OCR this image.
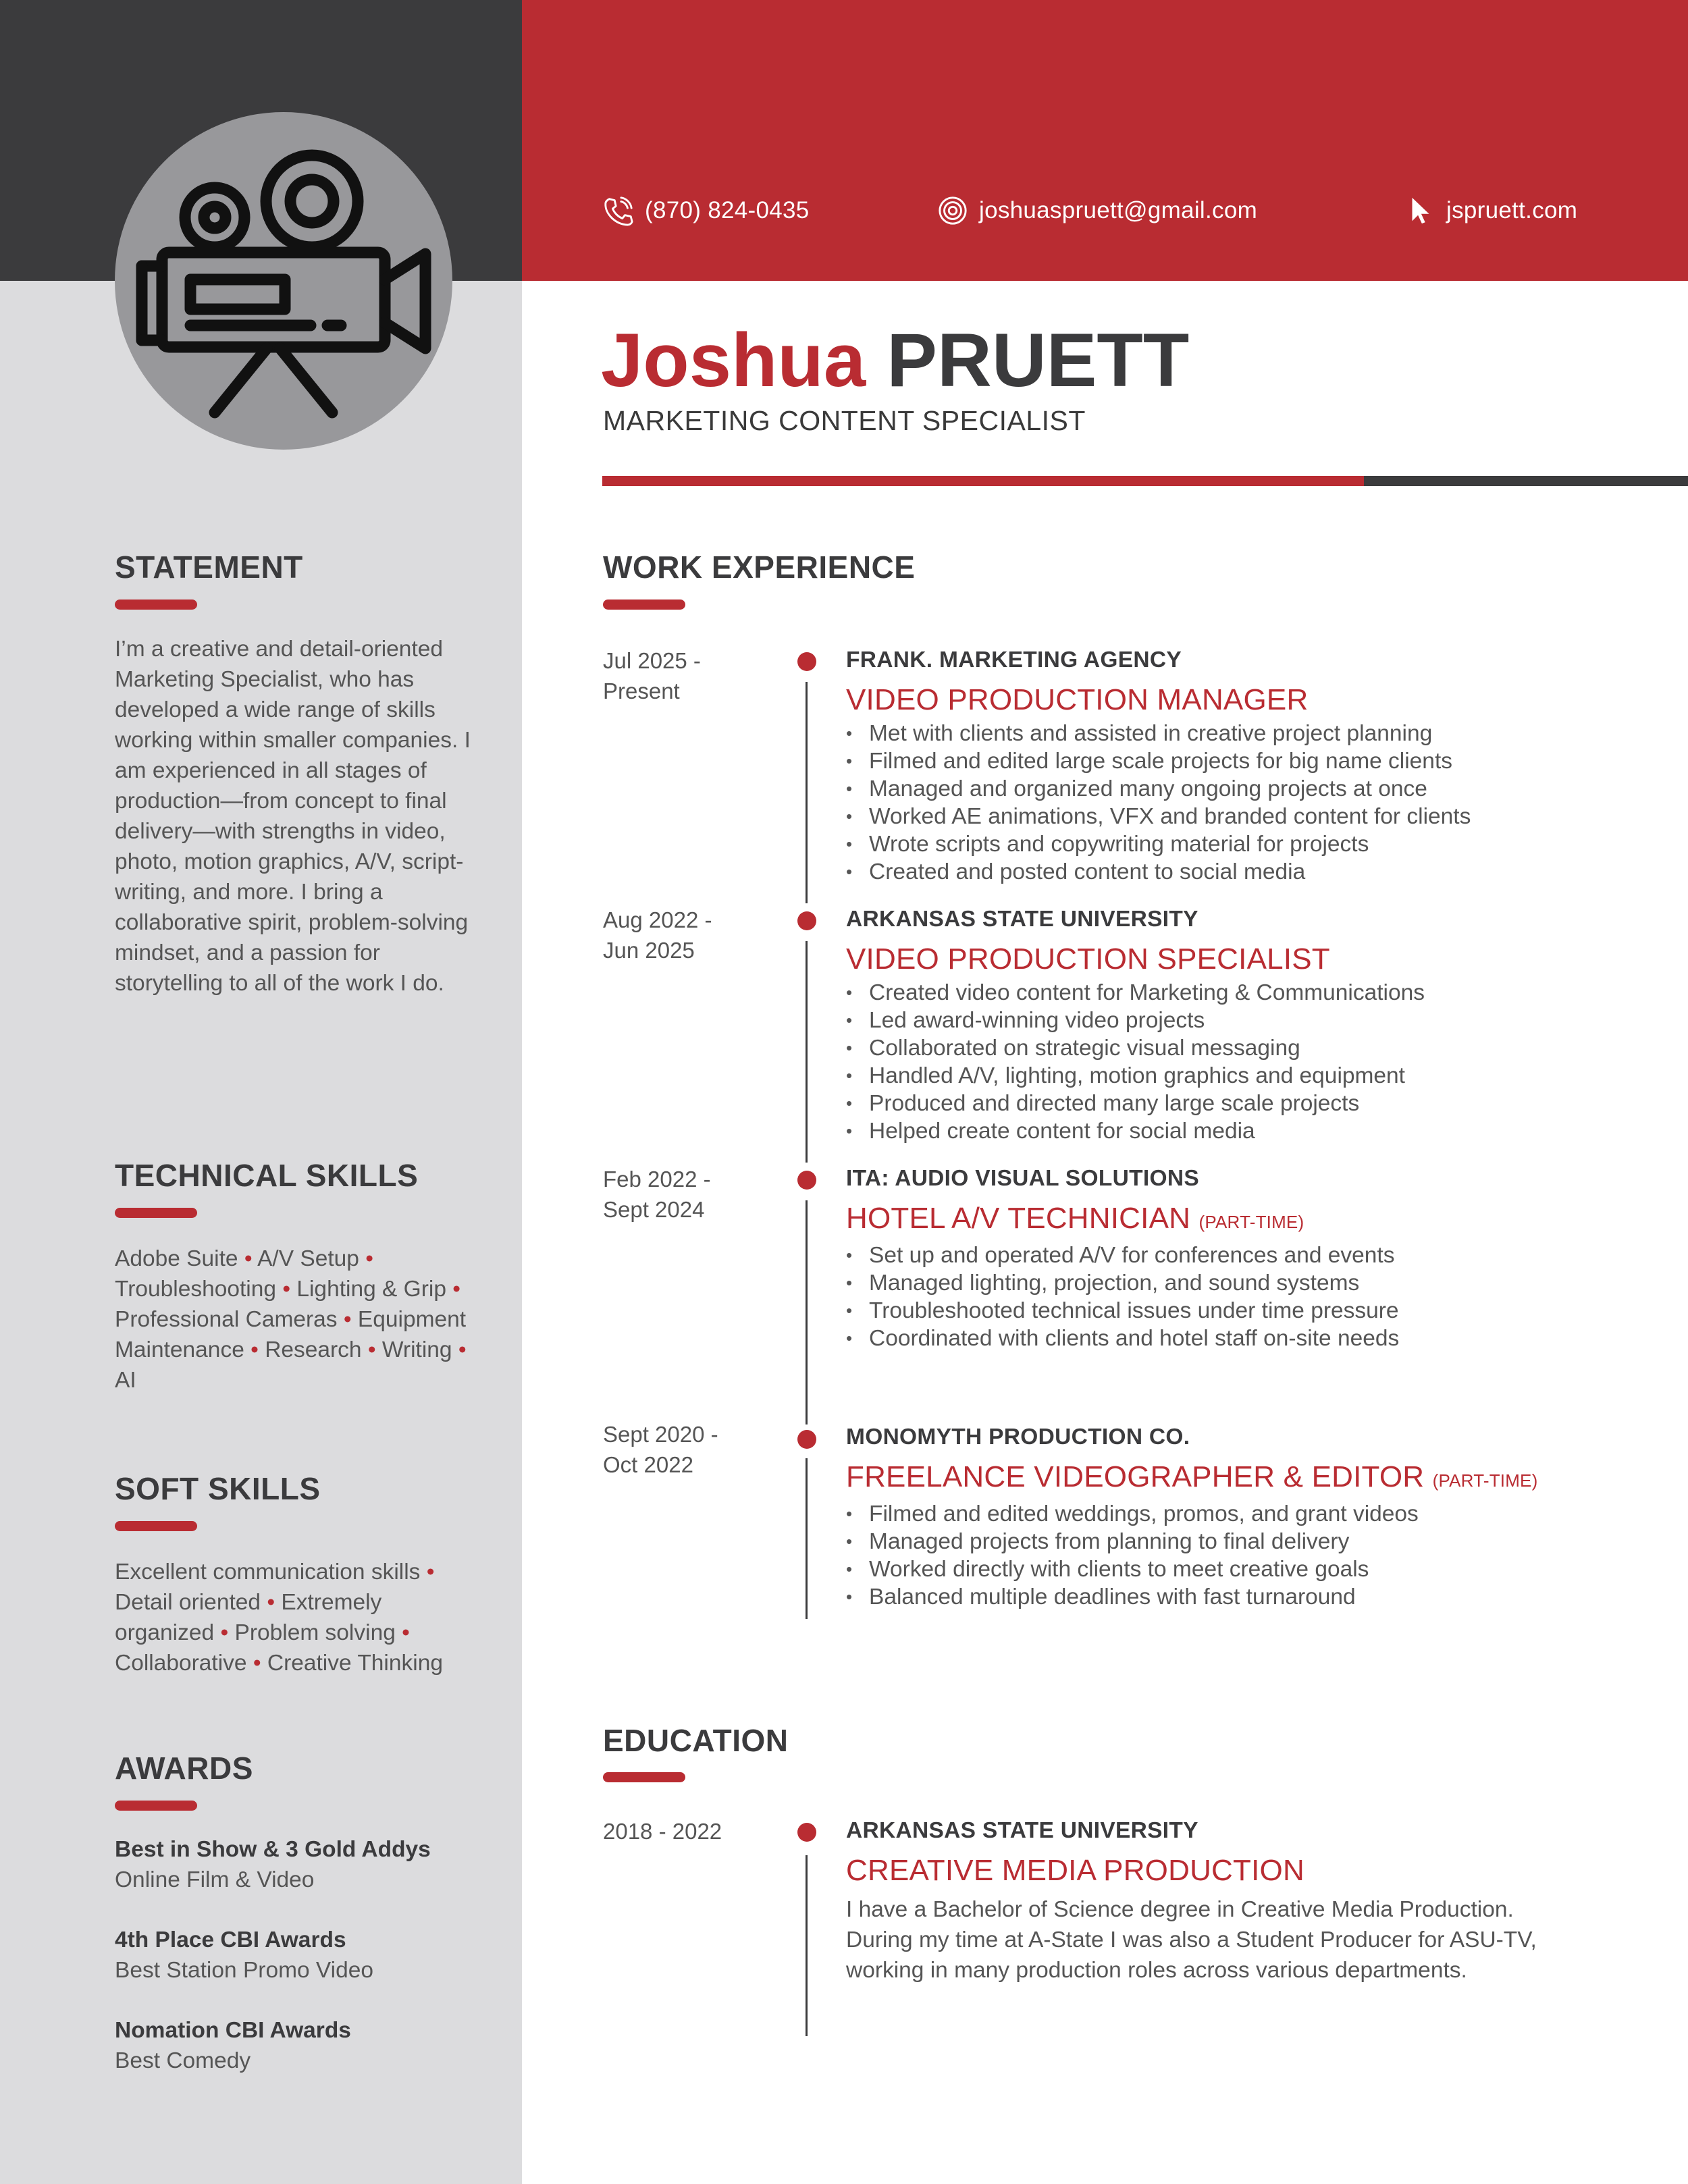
(870) 824-0435	joshuaspruett@gmail.com	jspruett.com
Joshua PRUETT
MARKETING CONTENT SPECIALIST
STATEMENT
I’m a creative and detail-oriented Marketing Specialist, who has developed a wide range of skills working within smaller companies. I am experienced in all stages of production—from concept to final delivery—with strengths in video, photo, motion graphics, A/V, script-writing, and more. I bring a collaborative spirit, problem-solving mindset, and a passion for storytelling to all of the work I do.
TECHNICAL SKILLS
Adobe Suite • A/V Setup • Troubleshooting • Lighting & Grip • Professional Cameras • Equipment Maintenance • Research • Writing • AI
SOFT SKILLS
Excellent communication skills • Detail oriented • Extremely organized • Problem solving • Collaborative • Creative Thinking
AWARDS
Best in Show & 3 Gold Addys
Online Film & Video
4th Place CBI Awards
Best Station Promo Video
Nomation CBI Awards
Best Comedy
WORK EXPERIENCE
Jul 2025 -
Present
FRANK. MARKETING AGENCY
VIDEO PRODUCTION MANAGER
• Met with clients and assisted in creative project planning
• Filmed and edited large scale projects for big name clients
• Managed and organized many ongoing projects at once
• Worked AE animations, VFX and branded content for clients
• Wrote scripts and copywriting material for projects
• Created and posted content to social media
Aug 2022 -
Jun 2025
ARKANSAS STATE UNIVERSITY
VIDEO PRODUCTION SPECIALIST
• Created video content for Marketing & Communications
• Led award-winning video projects
• Collaborated on strategic visual messaging
• Handled A/V, lighting, motion graphics and equipment
• Produced and directed many large scale projects
• Helped create content for social media
Feb 2022 -
Sept 2024
ITA: AUDIO VISUAL SOLUTIONS
HOTEL A/V TECHNICIAN (PART-TIME)
• Set up and operated A/V for conferences and events
• Managed lighting, projection, and sound systems
• Troubleshooted technical issues under time pressure
• Coordinated with clients and hotel staff on-site needs
Sept 2020 -
Oct 2022
MONOMYTH PRODUCTION CO.
FREELANCE VIDEOGRAPHER & EDITOR (PART-TIME)
• Filmed and edited weddings, promos, and grant videos
• Managed projects from planning to final delivery
• Worked directly with clients to meet creative goals
• Balanced multiple deadlines with fast turnaround
EDUCATION
2018 - 2022	ARKANSAS STATE UNIVERSITY
CREATIVE MEDIA PRODUCTION
I have a Bachelor of Science degree in Creative Media Production. During my time at A-State I was also a Student Producer for ASU-TV, working in many production roles across various departments.
